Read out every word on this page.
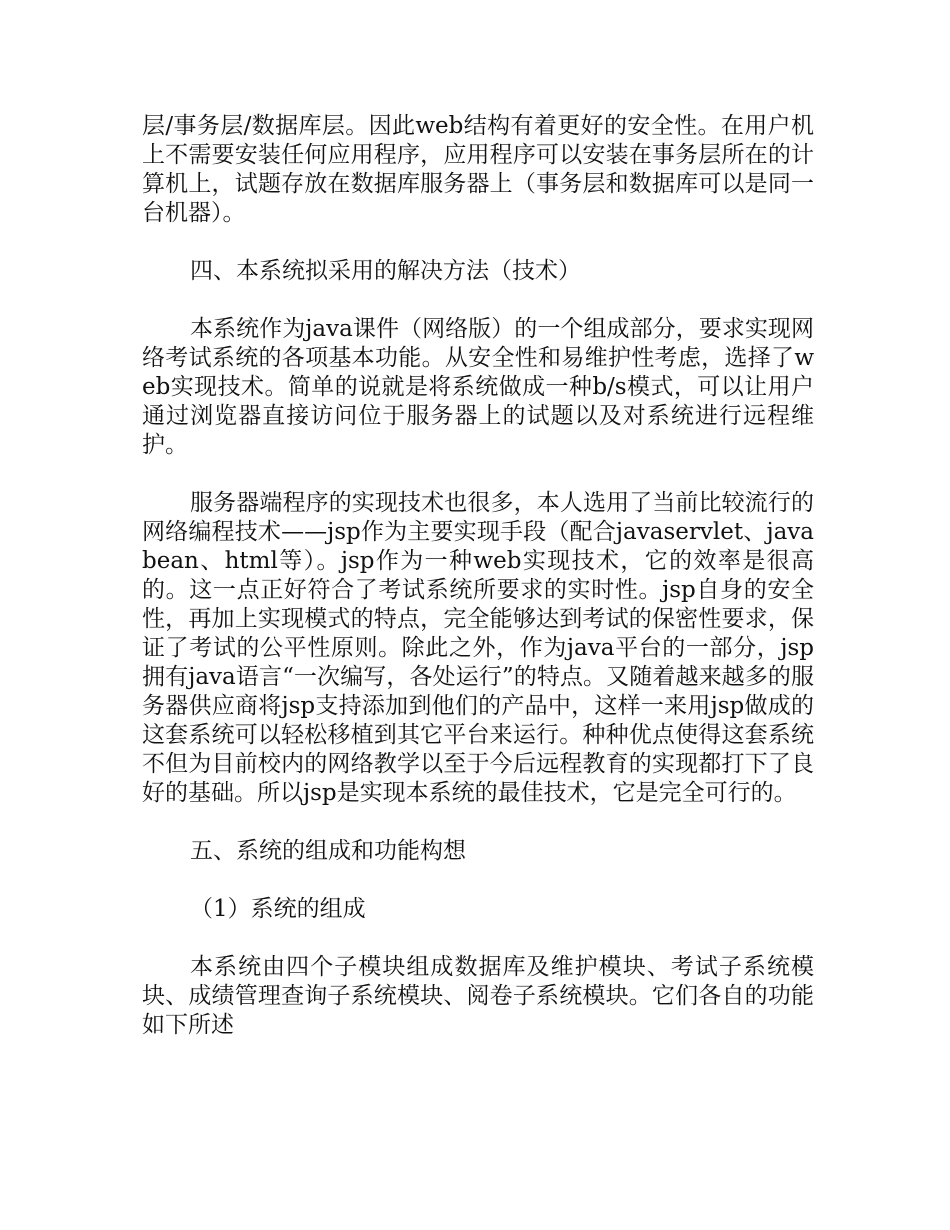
层/事务层/数据库层。因此web结构有着更好的安全性。在用户机上不需要安装任何应用程序，应用程序可以安装在事务层所在的计算机上，试题存放在数据库服务器上（事务层和数据库可以是同一台机器）。

四、本系统拟采用的解决方法（技术）

本系统作为java课件（网络版）的一个组成部分，要求实现网络考试系统的各项基本功能。从安全性和易维护性考虑，选择了web实现技术。简单的说就是将系统做成一种b/s模式，可以让用户通过浏览器直接访问位于服务器上的试题以及对系统进行远程维护。

服务器端程序的实现技术也很多，本人选用了当前比较流行的网络编程技术——jsp作为主要实现手段（配合javaservlet、javabean、html等）。jsp作为一种web实现技术，它的效率是很高的。这一点正好符合了考试系统所要求的实时性。jsp自身的安全性，再加上实现模式的特点，完全能够达到考试的保密性要求，保证了考试的公平性原则。除此之外，作为java平台的一部分，jsp拥有java语言“一次编写，各处运行”的特点。又随着越来越多的服务器供应商将jsp支持添加到他们的产品中，这样一来用jsp做成的这套系统可以轻松移植到其它平台来运行。种种优点使得这套系统不但为目前校内的网络教学以至于今后远程教育的实现都打下了良好的基础。所以jsp是实现本系统的最佳技术，它是完全可行的。

五、系统的组成和功能构想

（1）系统的组成

本系统由四个子模块组成数据库及维护模块、考试子系统模块、成绩管理查询子系统模块、阅卷子系统模块。它们各自的功能如下所述
